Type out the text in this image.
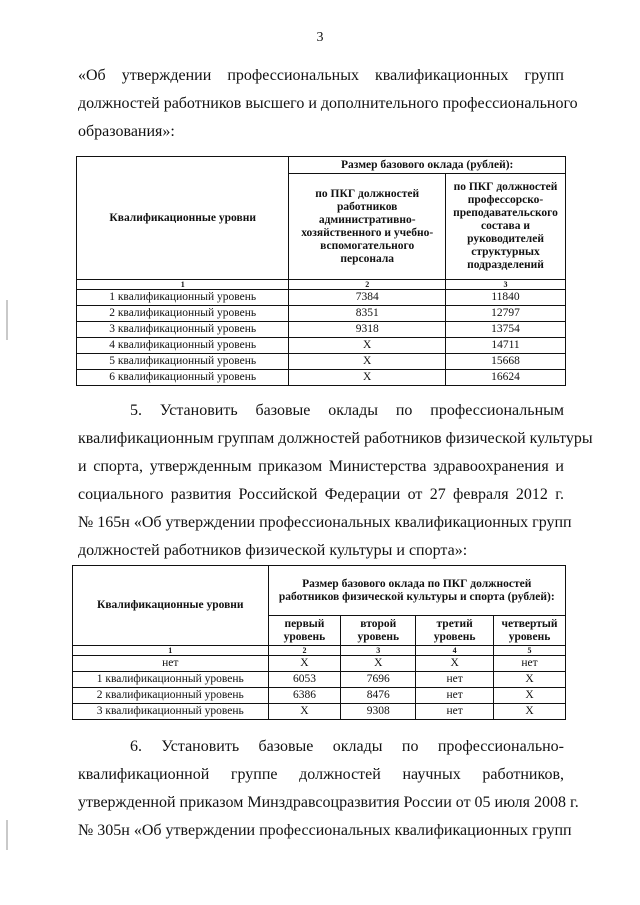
3
«Об утверждении профессиональных квалификационных групп
должностей работников высшего и дополнительного профессионального
образования»:
Квалификационные уровни	Размер базового оклада (рублей):	
	по ПКГ должностей работников административно-хозяйственного и учебно-вспомогательного персонала	по ПКГ должностей профессорско-преподавательского состава и руководителей структурных подразделений
1	2	3
1 квалификационный уровень	7384	11840
2 квалификационный уровень	8351	12797
3 квалификационный уровень	9318	13754
4 квалификационный уровень	X	14711
5 квалификационный уровень	X	15668
6 квалификационный уровень	X	16624
5. Установить базовые оклады по профессиональным
квалификационным группам должностей работников физической культуры
и спорта, утвержденным приказом Министерства здравоохранения и
социального развития Российской Федерации от 27 февраля 2012 г.
№ 165н «Об утверждении профессиональных квалификационных групп
должностей работников физической культуры и спорта»:
Квалификационные уровни	Размер базового оклада по ПКГ должностей работников физической культуры и спорта (рублей):			
	первый уровень	второй уровень	третий уровень	четвертый уровень
1	2	3	4	5
нет	X	X	X	нет
1 квалификационный уровень	6053	7696	нет	X
2 квалификационный уровень	6386	8476	нет	X
3 квалификационный уровень	X	9308	нет	X
6. Установить базовые оклады по профессионально-
квалификационной группе должностей научных работников,
утвержденной приказом Минздравсоцразвития России от 05 июля 2008 г.
№ 305н «Об утверждении профессиональных квалификационных групп
